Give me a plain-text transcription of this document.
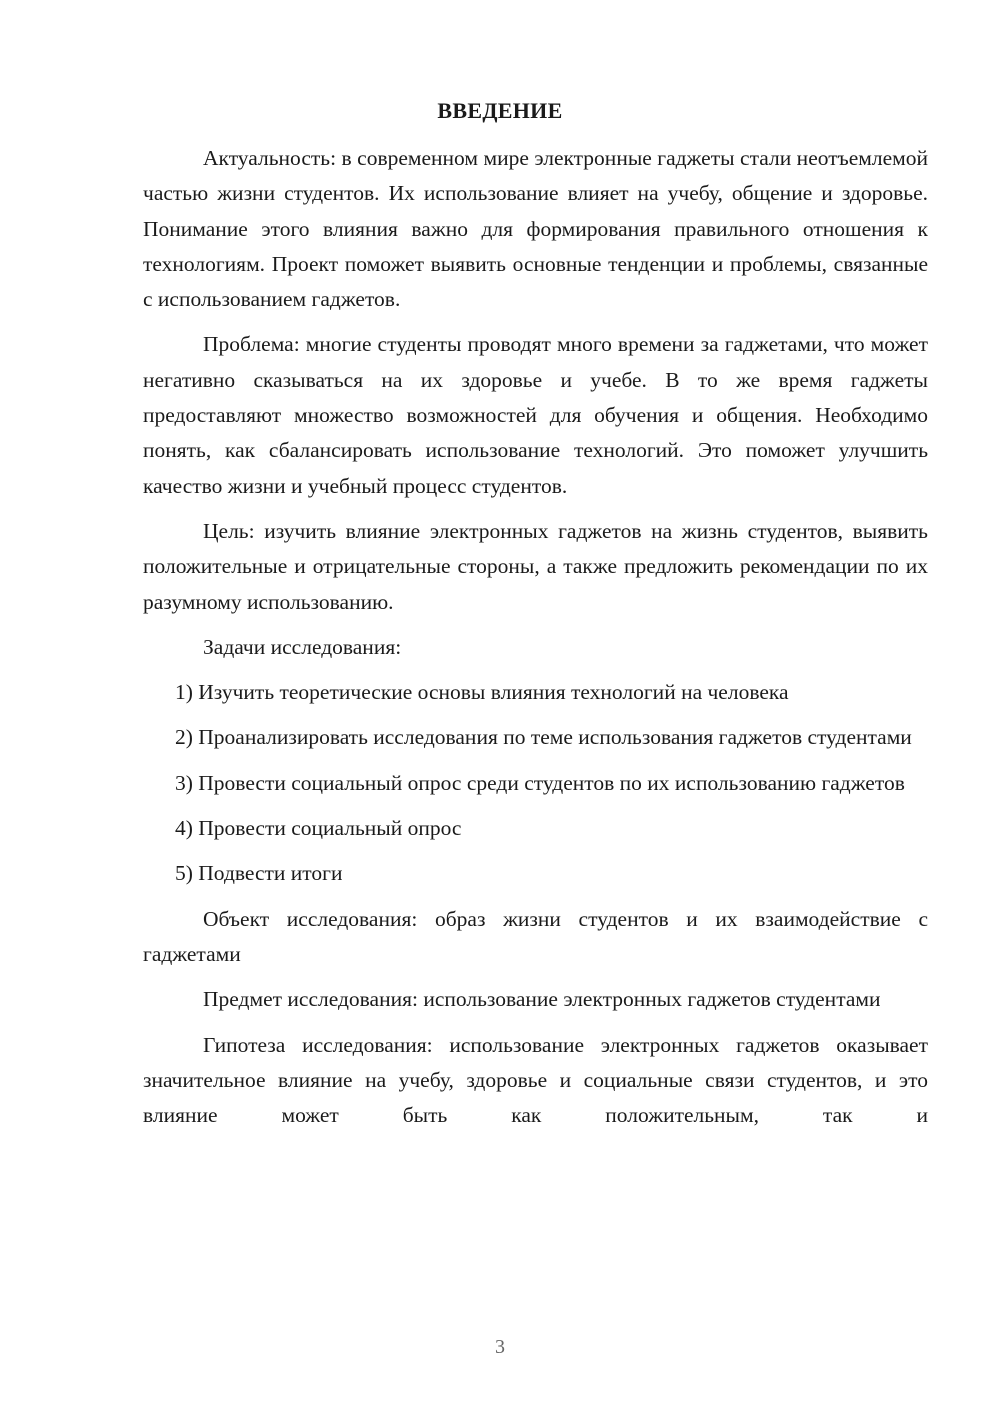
ВВЕДЕНИЕ

Актуальность: в современном мире электронные гаджеты стали неотъемлемой частью жизни студентов. Их использование влияет на учебу, общение и здоровье. Понимание этого влияния важно для формирования правильного отношения к технологиям. Проект поможет выявить основные тенденции и проблемы, связанные с использованием гаджетов.

Проблема: многие студенты проводят много времени за гаджетами, что может негативно сказываться на их здоровье и учебе. В то же время гаджеты предоставляют множество возможностей для обучения и общения. Необходимо понять, как сбалансировать использование технологий. Это поможет улучшить качество жизни и учебный процесс студентов.

Цель: изучить влияние электронных гаджетов на жизнь студентов, выявить положительные и отрицательные стороны, а также предложить рекомендации по их разумному использованию.

Задачи исследования:

1) Изучить теоретические основы влияния технологий на человека

2) Проанализировать исследования по теме использования гаджетов студентами

3) Провести социальный опрос среди студентов по их использованию гаджетов

4) Провести социальный опрос

5) Подвести итоги

Объект исследования: образ жизни студентов и их взаимодействие с гаджетами

Предмет исследования: использование электронных гаджетов студентами

Гипотеза исследования: использование электронных гаджетов оказывает значительное влияние на учебу, здоровье и социальные связи студентов, и это влияние может быть как положительным, так и

3
